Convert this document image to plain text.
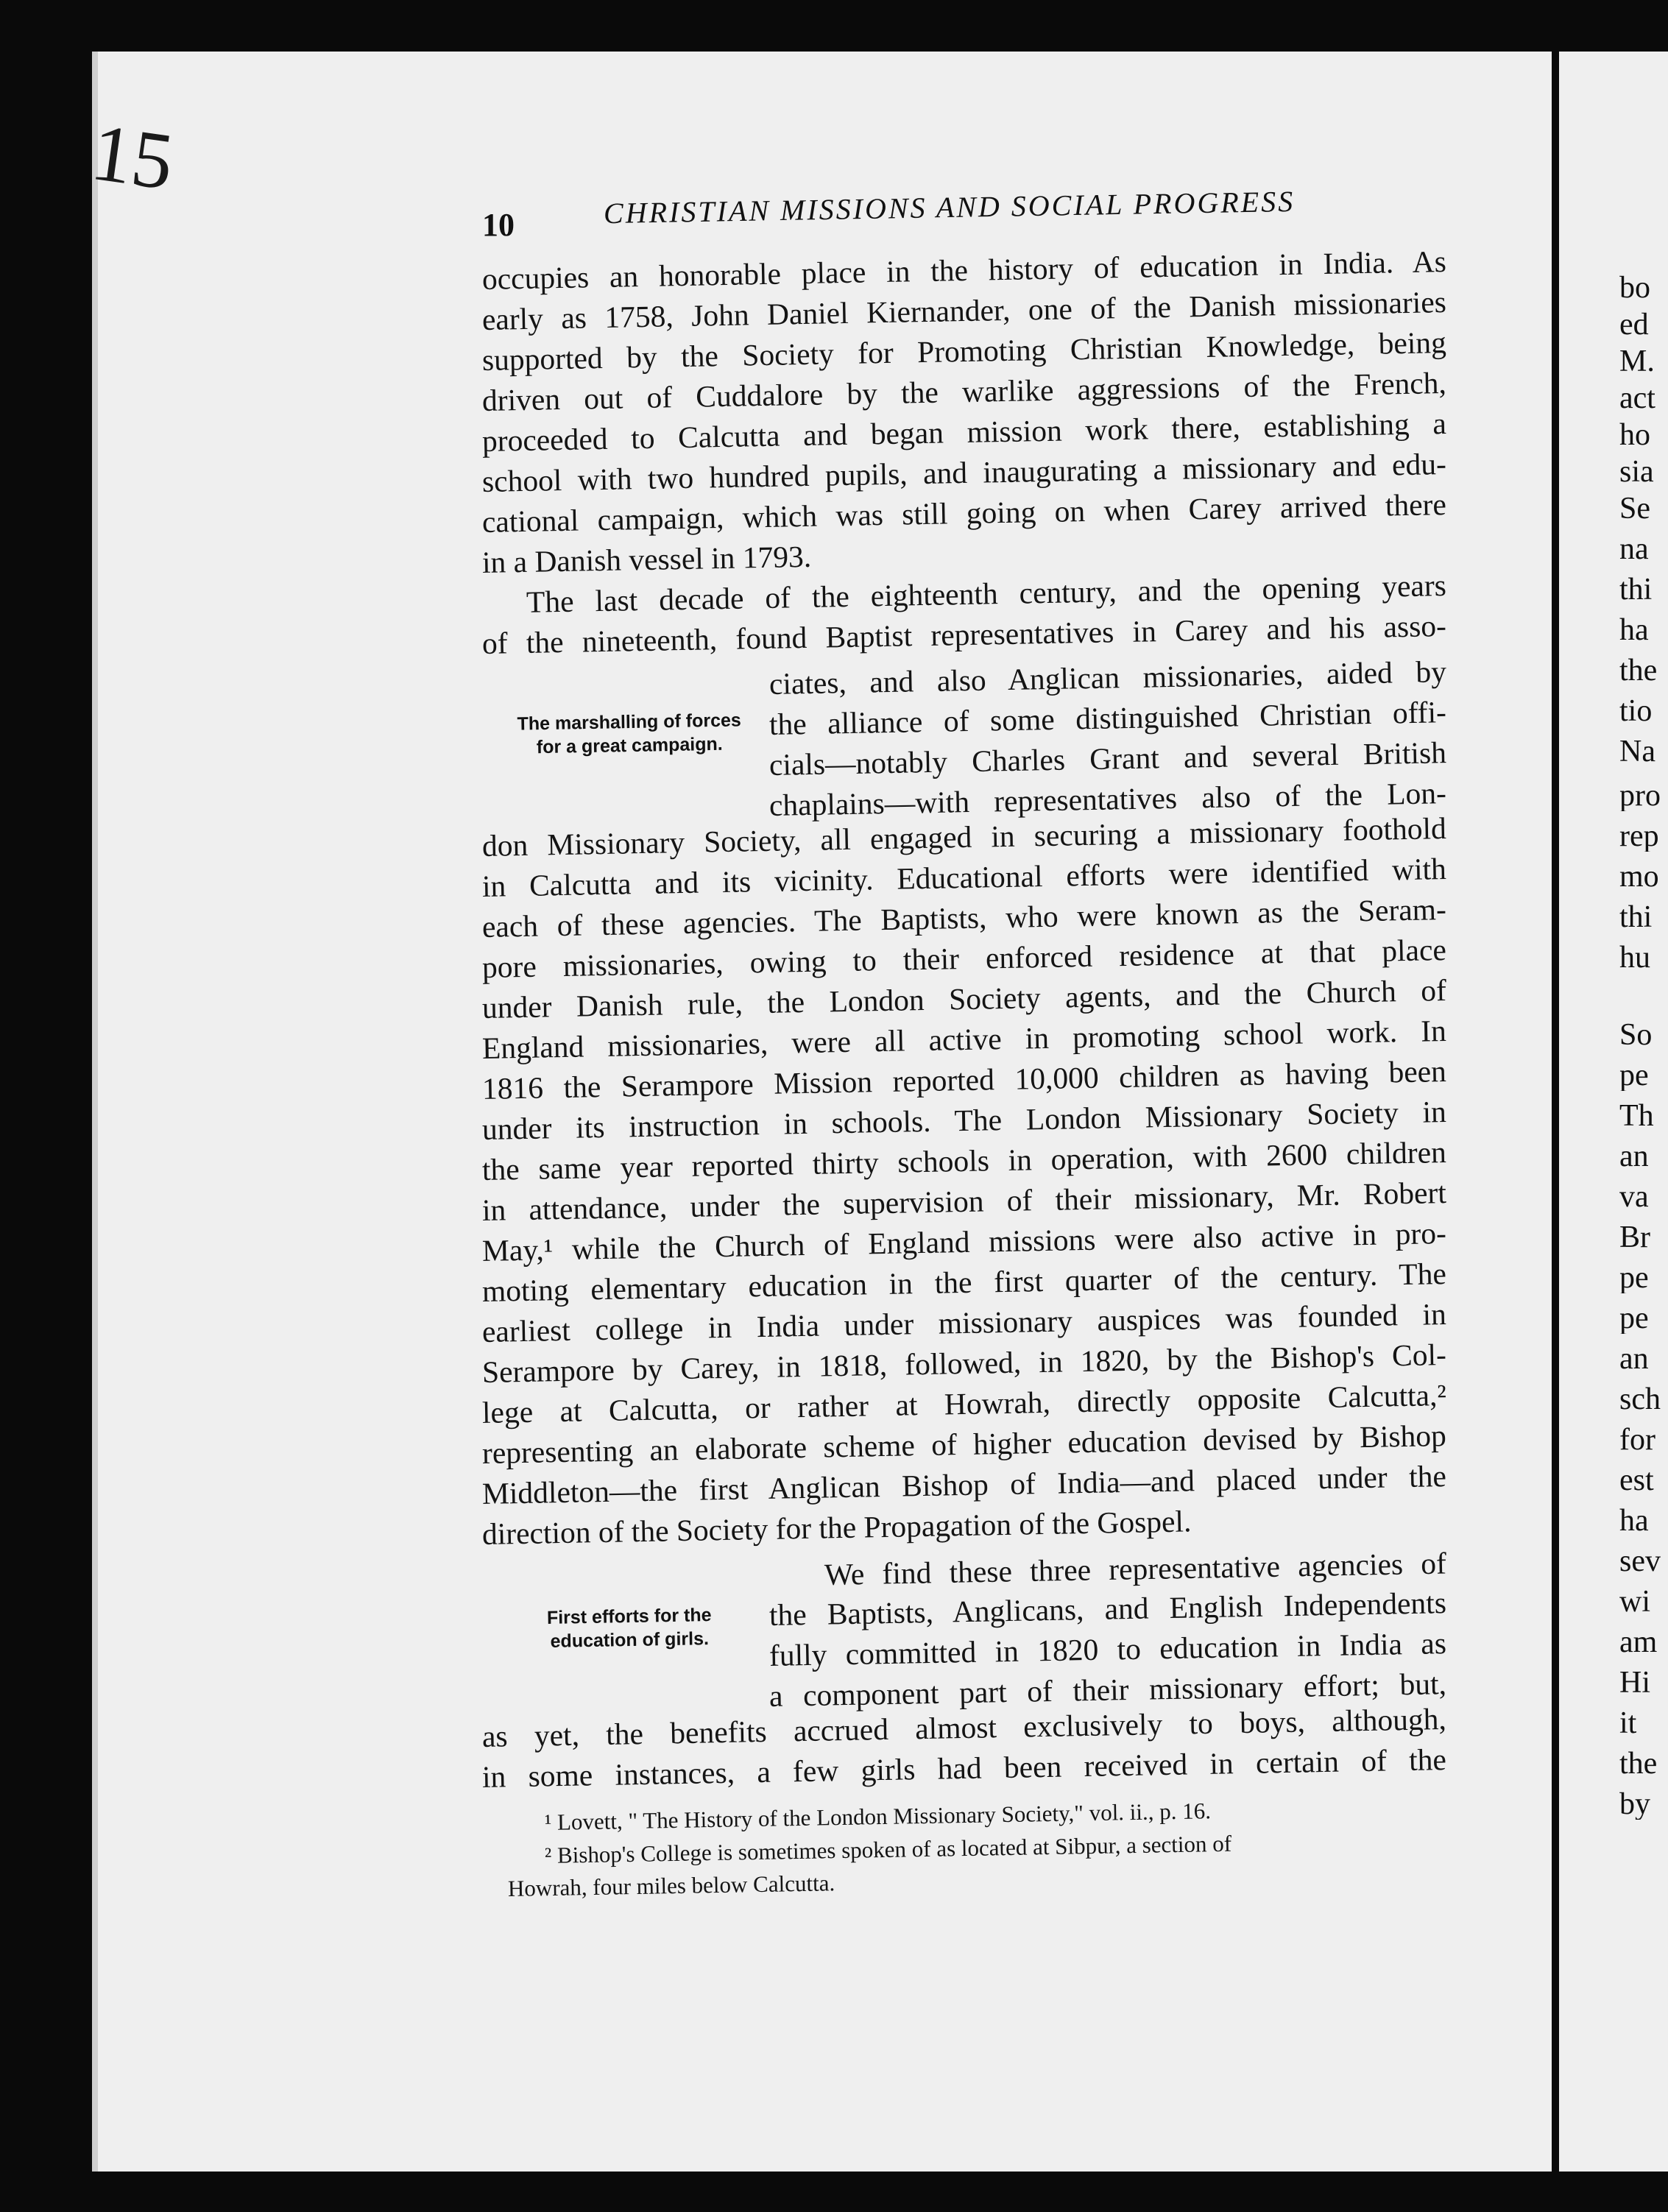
15
10	CHRISTIAN MISSIONS AND SOCIAL PROGRESS
occupies an honorable place in the history of education in India. As
early as 1758, John Daniel Kiernander, one of the Danish missionaries
supported by the Society for Promoting Christian Knowledge, being
driven out of Cuddalore by the warlike aggressions of the French,
proceeded to Calcutta and began mission work there, establishing a
school with two hundred pupils, and inaugurating a missionary and edu-
cational campaign, which was still going on when Carey arrived there
in a Danish vessel in 1793.
The last decade of the eighteenth century, and the opening years
of the nineteenth, found Baptist representatives in Carey and his asso-
ciates, and also Anglican missionaries, aided by
the alliance of some distinguished Christian offi-
cials—notably Charles Grant and several British
chaplains—with representatives also of the Lon-
don Missionary Society, all engaged in securing a missionary foothold
in Calcutta and its vicinity. Educational efforts were identified with
each of these agencies. The Baptists, who were known as the Seram-
pore missionaries, owing to their enforced residence at that place
under Danish rule, the London Society agents, and the Church of
England missionaries, were all active in promoting school work. In
1816 the Serampore Mission reported 10,000 children as having been
under its instruction in schools. The London Missionary Society in
the same year reported thirty schools in operation, with 2600 children
in attendance, under the supervision of their missionary, Mr. Robert
May,¹ while the Church of England missions were also active in pro-
moting elementary education in the first quarter of the century. The
earliest college in India under missionary auspices was founded in
Serampore by Carey, in 1818, followed, in 1820, by the Bishop's Col-
lege at Calcutta, or rather at Howrah, directly opposite Calcutta,²
representing an elaborate scheme of higher education devised by Bishop
Middleton—the first Anglican Bishop of India—and placed under the
direction of the Society for the Propagation of the Gospel.
We find these three representative agencies of
the Baptists, Anglicans, and English Independents
fully committed in 1820 to education in India as
a component part of their missionary effort; but,
as yet, the benefits accrued almost exclusively to boys, although,
in some instances, a few girls had been received in certain of the
The marshalling of forces for a great campaign.
First efforts for the education of girls.
¹ Lovett, " The History of the London Missionary Society," vol. ii., p. 16.
² Bishop's College is sometimes spoken of as located at Sibpur, a section of
Howrah, four miles below Calcutta.
bo
ed
M.
act
ho
sia
Se
na
thi
ha
the
tio
Na
pro
rep
mo
thi
hu
So
pe
Th
an
va
Br
pe
pe
an
sch
for
est
ha
sev
wi
am
Hi
it
the
by
